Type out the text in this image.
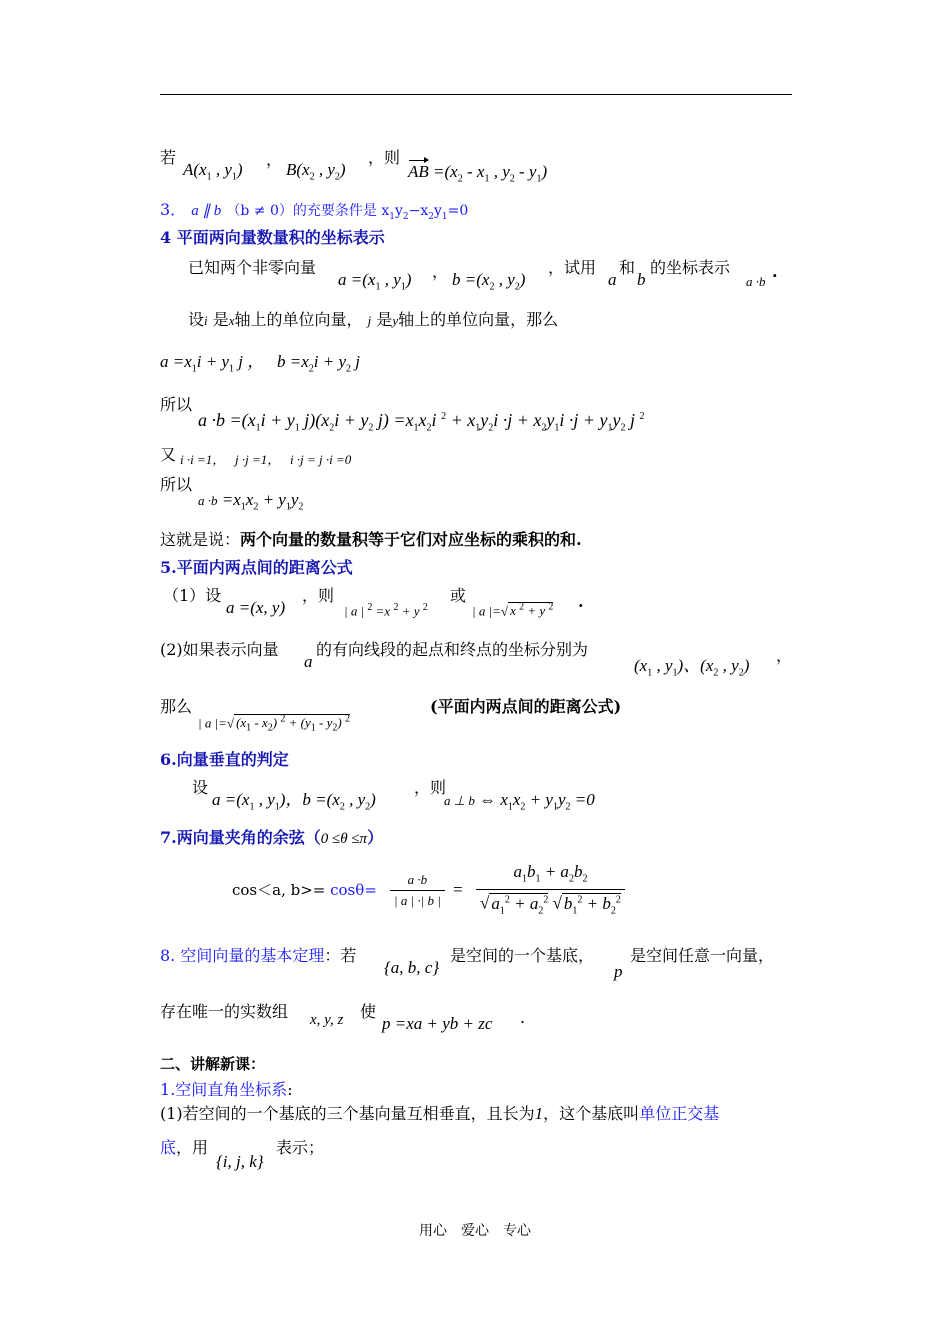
若
$A(x_1$ , $y_1$)
，
$B(x_2$ , $y_2$)
，则
AB $=(x_2 - x_1$ , $y_2 - y_1$)
3． a ∥ b （b ≠ 0）的充要条件是 $x_1y_2-x_2y_1=0$
4 平面两向量数量积的坐标表示
已知两个非零向量
$a =(x_1$ , $y_1$) ， $b =(x_2$ , $y_2$)
，试用
a
和
b
的坐标表示
a ·b
.
设i 是x轴上的单位向量， j 是y轴上的单位向量，那么
$a =x_1i + y_1$ j ，   $b =x_2i + y_2$ j
所以
$a \cdot b =(x_1i + y_1$ $j)(x_2i + y_2$ $j) =x_1x_2i$ $^2 + x_1y_2i \cdot j + x_2y_1i \cdot j + y_1y_2$ j $^2$
又 i ·i =1，   j ·j =1，   i ·j = j ·i =0
所以
$a \cdot b =x_1x_2 + y_1y_2$
这就是说：两个向量的数量积等于它们对应坐标的乘积的和.
5.平面内两点间的距离公式
（1）设
a =(x, y)
，则
| a | $^2$ =x $^2$ + y $^2$
或
| a |=√ x $^2$ + y $^2$ .
(2)如果表示向量
a
的有向线段的起点和终点的坐标分别为
($x_1$ , $y_1$)、($x_2$ , $y_2$)
，
那么
| a |=√ $(x_1 - x_2) ^2 + (y_1 - y_2)$ $^2$
(平面内两点间的距离公式)
6.向量垂直的判定
设
$a =(x_1$ , $y_1$)，$b =(x_2$ , $y_2$)
，则
a ⊥ b ⇔ $x_1x_2 + y_1y_2 =0$
7.两向量夹角的余弦（0 ≤θ ≤π）
cos＜a, $b>= \cos\theta= \frac{a \cdot b}{| a | \cdot| b |} = \frac{a_1b_1 + a_2b_2}{√ a_1^2 + a_2^2 √ b_1^2 + b_2^2}$
8. 空间向量的基本定理：若
{a, b, c}
是空间的一个基底，
p
是空间任意一向量，
存在唯一的实数组 x, y, z 使
p =xa + yb + zc .
二、讲解新课：
1.空间直角坐标系:
(1)若空间的一个基底的三个基向量互相垂直，且长为1，这个基底叫单位正交基
底，用
{i, j, k}
表示；
用心　爱心　专心
